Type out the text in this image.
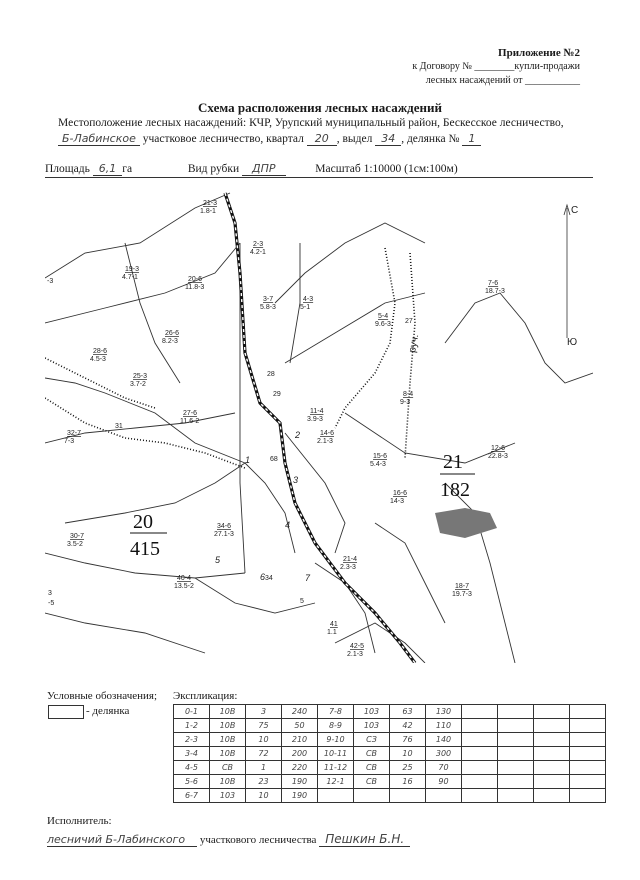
Приложение №2
к Договору № ________купли-продажи
лесных насаждений от ___________
Схема расположения лесных насаждений
Местоположение лесных насаждений: КЧР, Урупский муниципальный район, Бескесское лесничество,
Б-Лабинское участковое лесничество, квартал 20 , выдел 34 , делянка № 1
Площадь 6,1 га	Вид рубки ДПР	Масштаб 1:10000 (1см:100м)
20
415
21
182
21-3
1.8-1
2-3
4.2-1
19-3
4.7-1	20-6
11.8-3
3-7
5.8-3
4-3
5-1
5-4
9.6-3
7-6
18.7-3
26-6
8.2-3
28-6
4.5-3
25-3
3.7-2
27-6
11.6-2
32-7
7-3
11-4
3.9-3
8-4
9-3
14-6
2.1-3
15-6
5.4-3
12-6
22.8-3
16-6
14-3
34-6
27.1-3
30-7
3.5-2
21-4
2.3-3
40-4
13.5-2	18-7
19.7-3
41
1.1
42-5
2.1-3
28
29
27
31
68
34
5
3
-5
-3
руч.
1
2
3
4
5
6	7
С
Ю
Условные обозначения;
- делянка
Экспликация:
0-1	10В	3	240	7-8	103	63	130				
1-2	10В	75	50	8-9	103	42	110				
2-3	10В	10	210	9-10	СЗ	76	140				
3-4	10В	72	200	10-11	СВ	10	300				
4-5	СВ	1	220	11-12	СВ	25	70				
5-6	10В	23	190	12-1	СВ	16	90				
6-7	103	10	190								
Исполнитель:
лесничий Б-Лабинского участкового лесничества Пешкин Б.Н.
